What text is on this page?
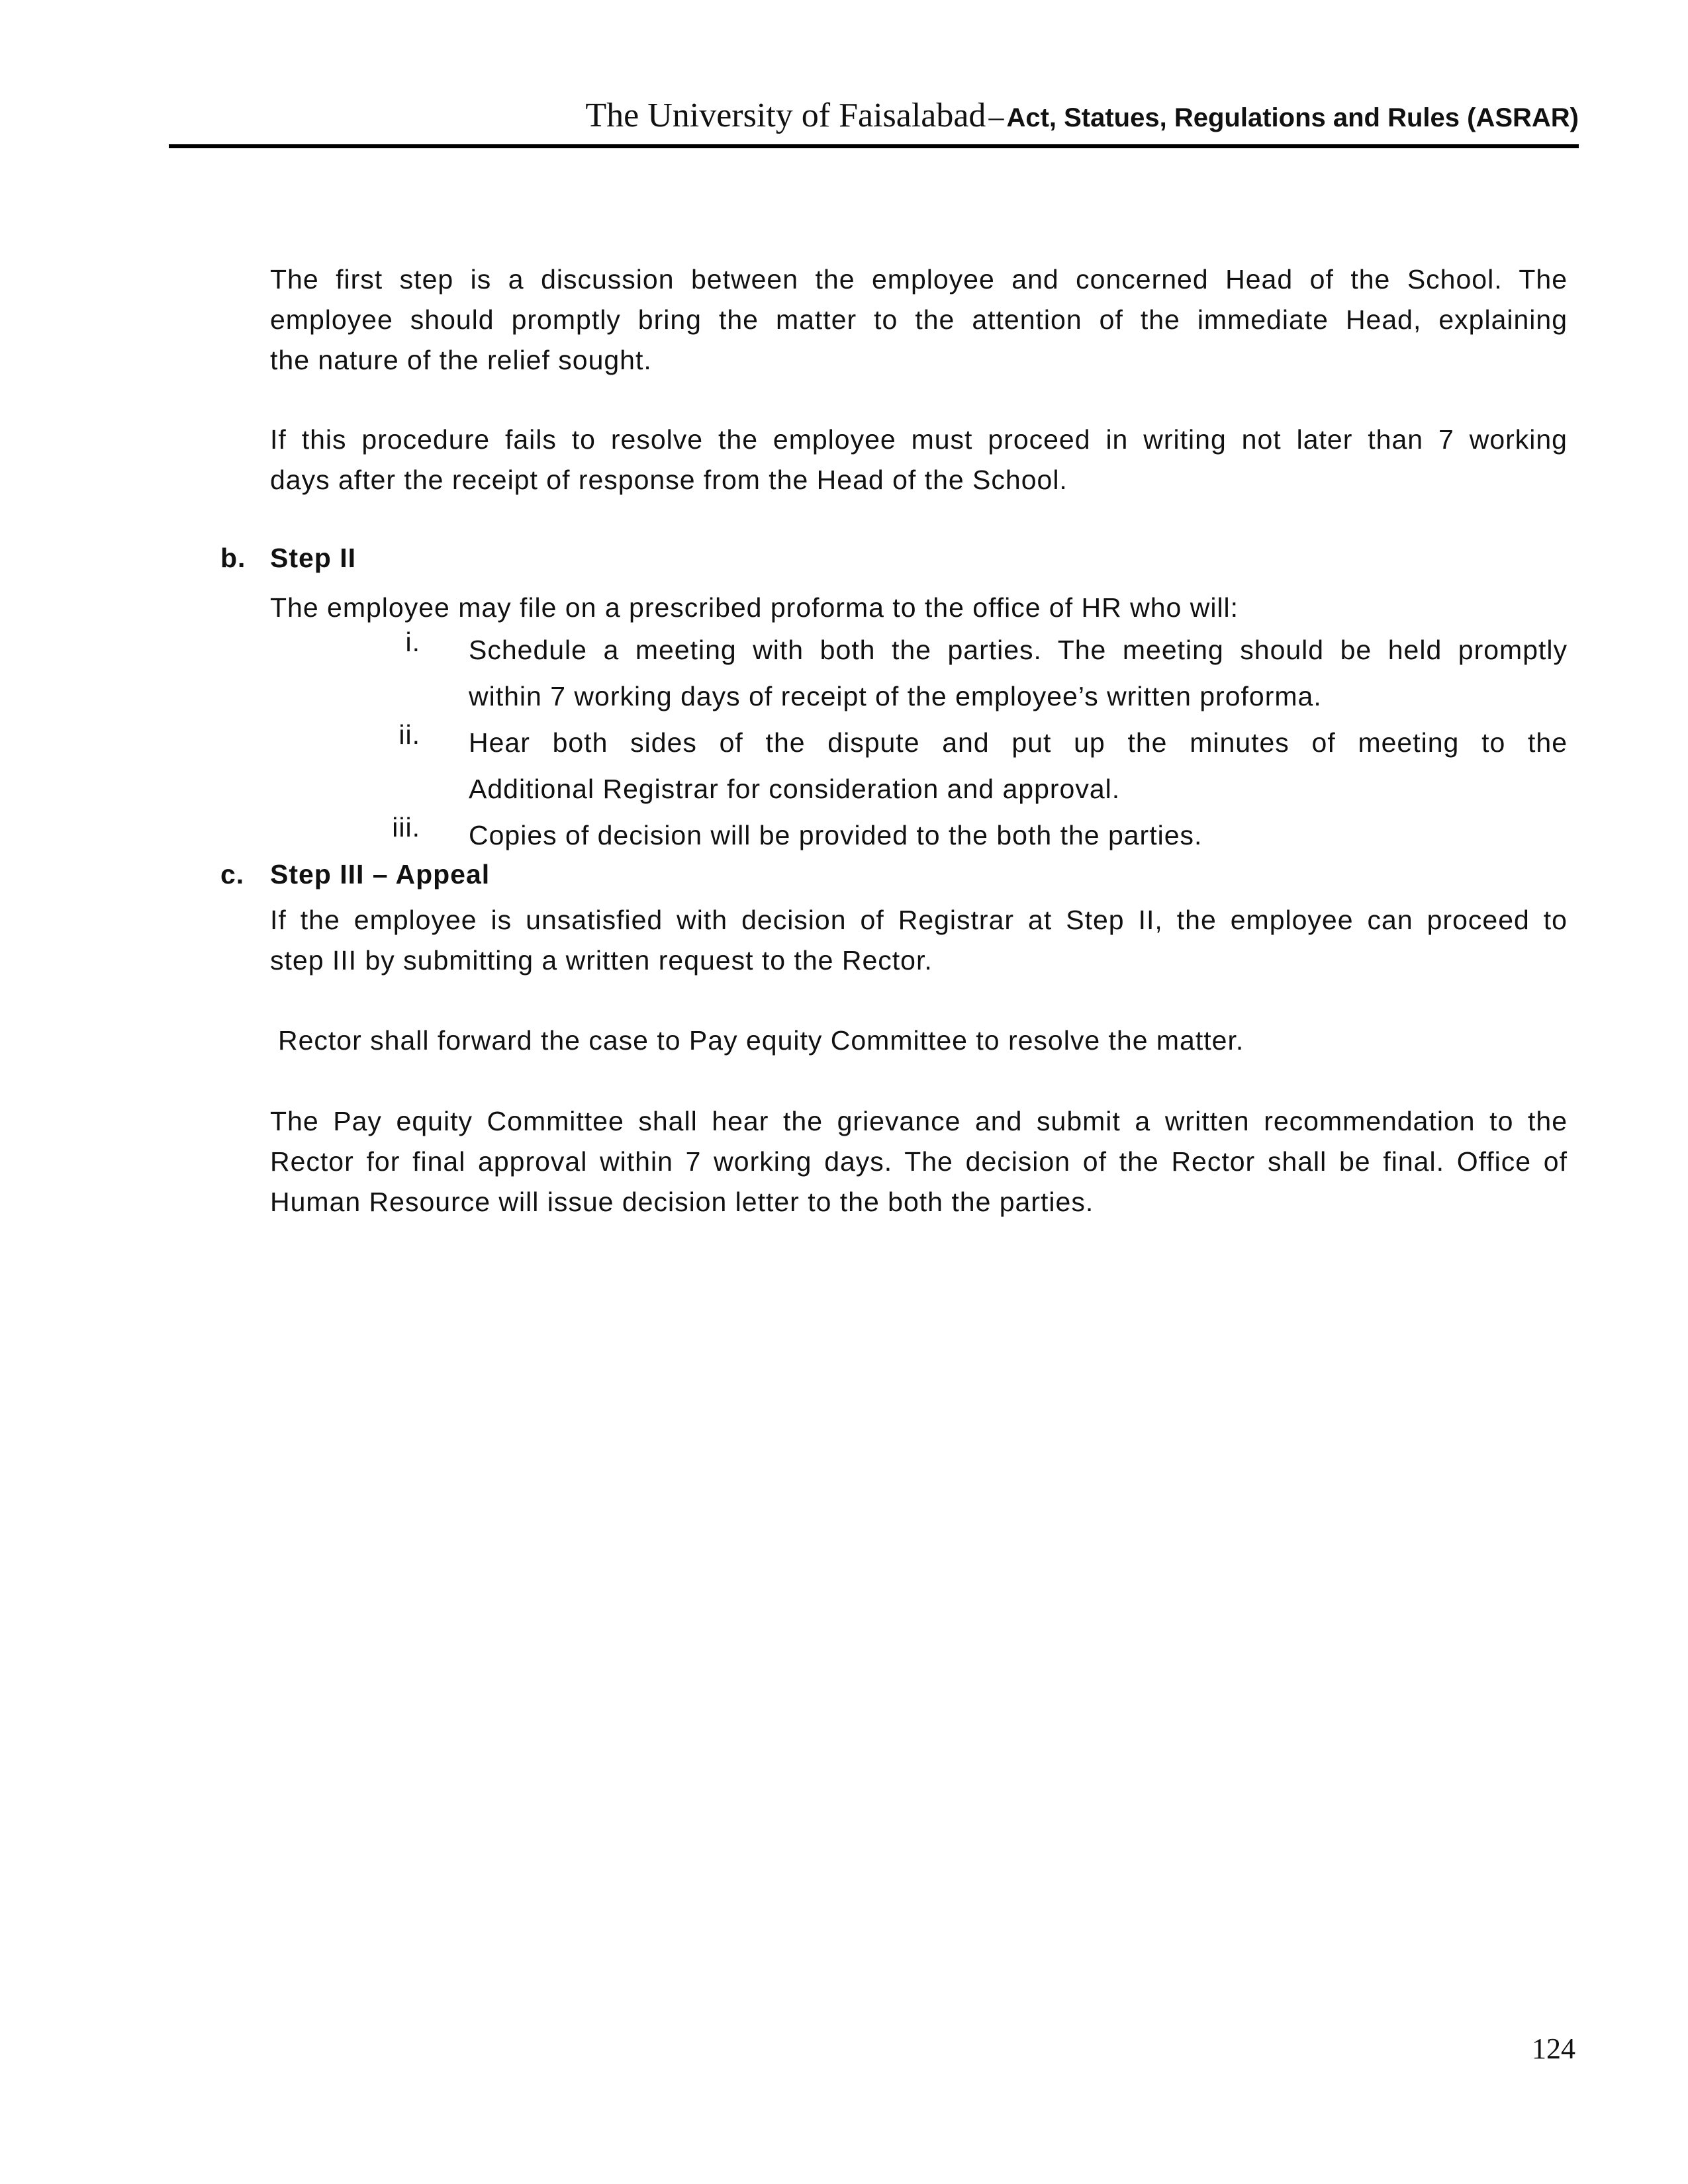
The University of Faisalabad – Act, Statues, Regulations and Rules (ASRAR)
The first step is a discussion between the employee and concerned Head of the School. The
employee should promptly bring the matter to the attention of the immediate Head, explaining
the nature of the relief sought.
If this procedure fails to resolve the employee must proceed in writing not later than 7 working
days after the receipt of response from the Head of the School.
b. Step II
The employee may file on a prescribed proforma to the office of HR who will:
i. Schedule a meeting with both the parties. The meeting should be held promptly
within 7 working days of receipt of the employee’s written proforma.
ii. Hear both sides of the dispute and put up the minutes of meeting to the
Additional Registrar for consideration and approval.
iii. Copies of decision will be provided to the both the parties.
c. Step III – Appeal
If the employee is unsatisfied with decision of Registrar at Step II, the employee can proceed to
step III by submitting a written request to the Rector.
Rector shall forward the case to Pay equity Committee to resolve the matter.
The Pay equity Committee shall hear the grievance and submit a written recommendation to the
Rector for final approval within 7 working days. The decision of the Rector shall be final. Office of
Human Resource will issue decision letter to the both the parties.
124
